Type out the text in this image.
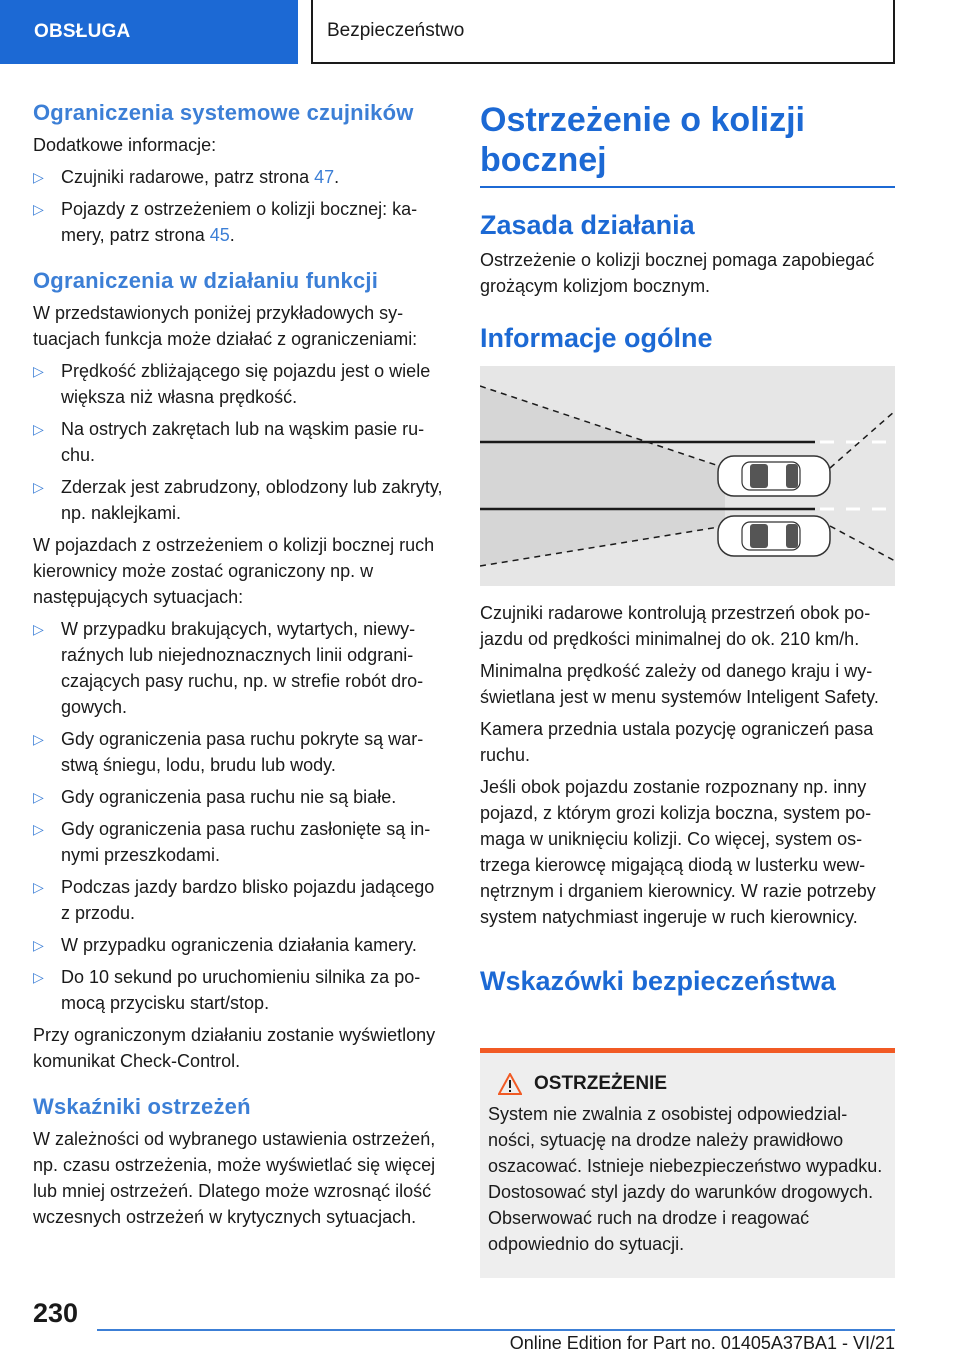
OBSŁUGA	Bezpieczeństwo
Ograniczenia systemowe czujników

Dodatkowe informacje:

▷ Czujniki radarowe, patrz strona 47.
▷ Pojazdy z ostrzeżeniem o kolizji bocznej: kamery, patrz strona 45.
Ograniczenia w działaniu funkcji

W przedstawionych poniżej przykładowych sytuacjach funkcja może działać z ograniczeniami:

▷ Prędkość zbliżającego się pojazdu jest o wiele większa niż własna prędkość.
▷ Na ostrych zakrętach lub na wąskim pasie ruchu.
▷ Zderzak jest zabrudzony, oblodzony lub zakryty, np. naklejkami.

W pojazdach z ostrzeżeniem o kolizji bocznej ruch kierownicy może zostać ograniczony np. w następujących sytuacjach:

▷ W przypadku brakujących, wytartych, niewyraźnych lub niejednoznacznych linii odgraniczających pasy ruchu, np. w strefie robót drogowych.
▷ Gdy ograniczenia pasa ruchu pokryte są warstwą śniegu, lodu, brudu lub wody.
▷ Gdy ograniczenia pasa ruchu nie są białe.
▷ Gdy ograniczenia pasa ruchu zasłonięte są innymi przeszkodami.
▷ Podczas jazdy bardzo blisko pojazdu jadącego z przodu.
▷ W przypadku ograniczenia działania kamery.
▷ Do 10 sekund po uruchomieniu silnika za pomocą przycisku start/stop.

Przy ograniczonym działaniu zostanie wyświetlony komunikat Check-Control.

Wskaźniki ostrzeżeń

W zależności od wybranego ustawienia ostrzeżeń, np. czasu ostrzeżenia, może wyświetlać się więcej lub mniej ostrzeżeń. Dlatego może wzrosnąć ilość wczesnych ostrzeżeń w krytycznych sytuacjach.

Ostrzeżenie o kolizji bocznej
Zasada działania

Ostrzeżenie o kolizji bocznej pomaga zapobiegać grożącym kolizjom bocznym.

Informacje ogólne

Czujniki radarowe kontrolują przestrzeń obok pojazdu od prędkości minimalnej do ok. 210 km/h.

Minimalna prędkość zależy od danego kraju i wyświetlana jest w menu systemów Inteligent Safety.

Kamera przednia ustala pozycję ograniczeń pasa ruchu.

Jeśli obok pojazdu zostanie rozpoznany np. inny pojazd, z którym grozi kolizja boczna, system pomaga w uniknięciu kolizji. Co więcej, system ostrzega kierowcę migającą diodą w lusterku wewnętrznym i drganiem kierownicy. W razie potrzeby system natychmiast ingeruje w ruch kierownicy.

Wskazówki bezpieczeństwa
OSTRZEŻENIE

System nie zwalnia z osobistej odpowiedzialności, sytuację na drodze należy prawidłowo oszacować. Istnieje niebezpieczeństwo wypadku. Dostosować styl jazdy do warunków drogowych. Obserwować ruch na drodze i reagować odpowiednio do sytuacji.

230
Online Edition for Part no. 01405A37BA1 - VI/21
